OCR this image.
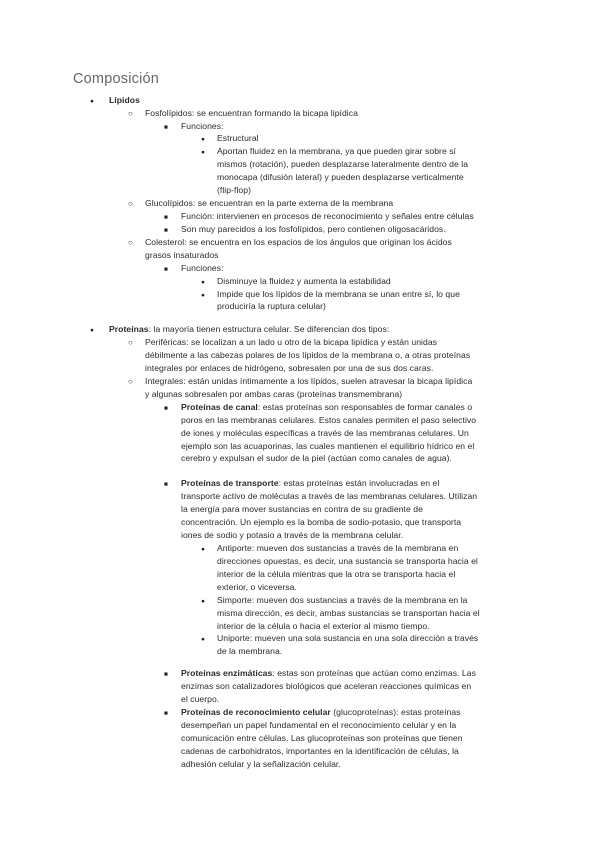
Composición
●
Lípidos
○
Fosfolípidos: se encuentran formando la bicapa lipídica
■
Funciones:
●
Estructural
●
Aportan fluidez en la membrana, ya que pueden girar sobre sí
mismos (rotación), pueden desplazarse lateralmente dentro de la
monocapa (difusión lateral) y pueden desplazarse verticalmente
(flip-flop)
○
Glucolípidos: se encuentran en la parte externa de la membrana
■
Función: intervienen en procesos de reconocimiento y señales entre células
■
Son muy parecidos a los fosfolípidos, pero contienen oligosacáridos.
○
Colesterol: se encuentra en los espacios de los ángulos que originan los ácidos
grasos insaturados
■
Funciones:
●
Disminuye la fluidez y aumenta la estabilidad
●
Impide que los lípidos de la membrana se unan entre sí, lo que
produciría la ruptura celular)
●
Proteínas: la mayoría tienen estructura celular. Se diferencian dos tipos:
○
Periféricas: se localizan a un lado u otro de la bicapa lipídica y están unidas
débilmente a las cabezas polares de los lípidos de la membrana o, a otras proteínas
integrales por enlaces de hidrógeno, sobresalen por una de sus dos caras.
○
Integrales: están unidas íntimamente a los lípidos, suelen atravesar la bicapa lipídica
y algunas sobresalen por ambas caras (proteínas transmembrana)
■
Proteínas de canal: estas proteínas son responsables de formar canales o
poros en las membranas celulares. Estos canales permiten el paso selectivo
de iones y moléculas específicas a través de las membranas celulares. Un
ejemplo son las acuaporinas, las cuales mantienen el equilibrio hídrico en el
cerebro y expulsan el sudor de la piel (actúan como canales de agua).
■
Proteínas de transporte: estas proteínas están involucradas en el
transporte activo de moléculas a través de las membranas celulares. Utilizan
la energía para mover sustancias en contra de su gradiente de
concentración. Un ejemplo es la bomba de sodio-potasio, que transporta
iones de sodio y potasio a través de la membrana celular.
●
Antiporte: mueven dos sustancias a través de la membrana en
direcciones opuestas, es decir, una sustancia se transporta hacia el
interior de la célula mientras que la otra se transporta hacia el
exterior, o viceversa.
●
Simporte: mueven dos sustancias a través de la membrana en la
misma dirección, es decir, ambas sustancias se transportan hacia el
interior de la célula o hacia el exterior al mismo tiempo.
●
Uniporte: mueven una sola sustancia en una sola dirección a través
de la membrana.
■
Proteínas enzimáticas: estas son proteínas que actúan como enzimas. Las
enzimas son catalizadores biológicos que aceleran reacciones químicas en
el cuerpo.
■
Proteínas de reconocimiento celular (glucoproteínas): estas proteínas
desempeñan un papel fundamental en el reconocimiento celular y en la
comunicación entre células. Las glucoproteínas son proteínas que tienen
cadenas de carbohidratos, importantes en la identificación de células, la
adhesión celular y la señalización celular.
